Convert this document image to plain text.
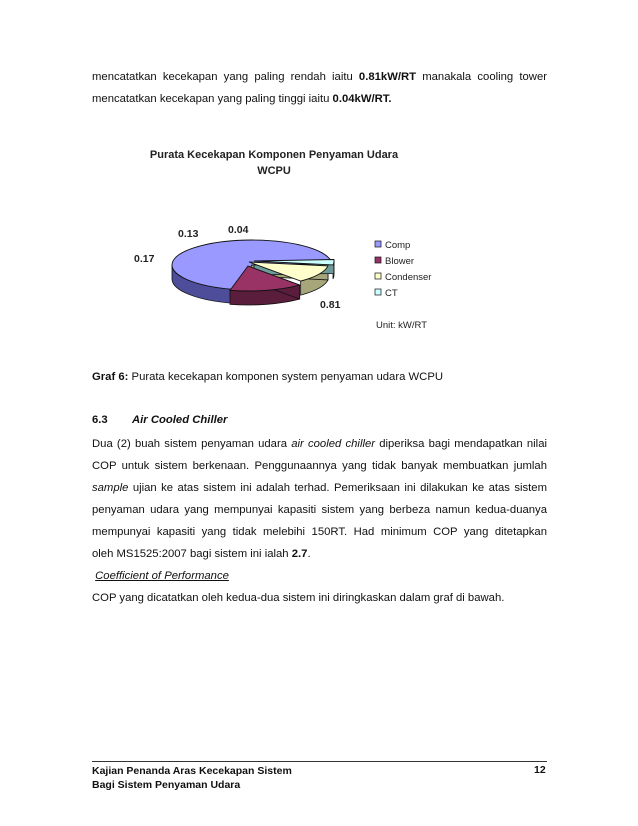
mencatatkan kecekapan yang paling rendah iaitu 0.81kW/RT manakala cooling tower
mencatatkan kecekapan yang paling tinggi iaitu 0.04kW/RT.

Purata Kecekapan Komponen Penyaman Udara
WCPU
0.81
0.17
0.13	0.04
Comp
Blower
Condenser
CT
Unit: kW/RT
Graf 6: Purata kecekapan komponen system penyaman udara WCPU
6.3 Air Cooled Chiller

Dua (2) buah sistem penyaman udara air cooled chiller diperiksa bagi mendapatkan nilai
COP untuk sistem berkenaan. Penggunaannya yang tidak banyak membuatkan jumlah
sample ujian ke atas sistem ini adalah terhad. Pemeriksaan ini dilakukan ke atas sistem
penyaman udara yang mempunyai kapasiti sistem yang berbeza namun kedua-duanya
mempunyai kapasiti yang tidak melebihi 150RT. Had minimum COP yang ditetapkan
oleh MS1525:2007 bagi sistem ini ialah 2.7.
Coefficient of Performance
COP yang dicatatkan oleh kedua-dua sistem ini diringkaskan dalam graf di bawah.

Kajian Penanda Aras Kecekapan Sistem
Bagi Sistem Penyaman Udara
12
